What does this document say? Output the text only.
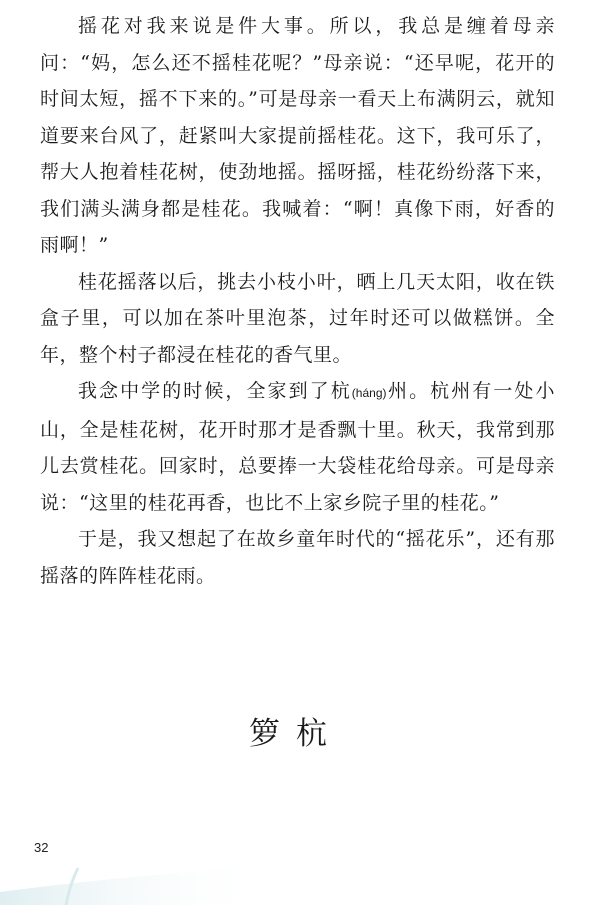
摇花对我来说是件大事。所以，我总是缠着母亲问：“妈，怎么还不摇桂花呢？”母亲说：“还早呢，花开的时间太短，摇不下来的。”可是母亲一看天上布满阴云，就知道要来台风了，赶紧叫大家提前摇桂花。这下，我可乐了，帮大人抱着桂花树，使劲地摇。摇呀摇，桂花纷纷落下来，我们满头满身都是桂花。我喊着：“啊！真像下雨，好香的雨啊！”

桂花摇落以后，挑去小枝小叶，晒上几天太阳，收在铁盒子里，可以加在茶叶里泡茶，过年时还可以做糕饼。全年，整个村子都浸在桂花的香气里。

我念中学的时候，全家到了杭(háng)州。杭州有一处小山，全是桂花树，花开时那才是香飘十里。秋天，我常到那儿去赏桂花。回家时，总要捧一大袋桂花给母亲。可是母亲说：“这里的桂花再香，也比不上家乡院子里的桂花。”

于是，我又想起了在故乡童年时代的“摇花乐”，还有那摇落的阵阵桂花雨。

箩杭
32
